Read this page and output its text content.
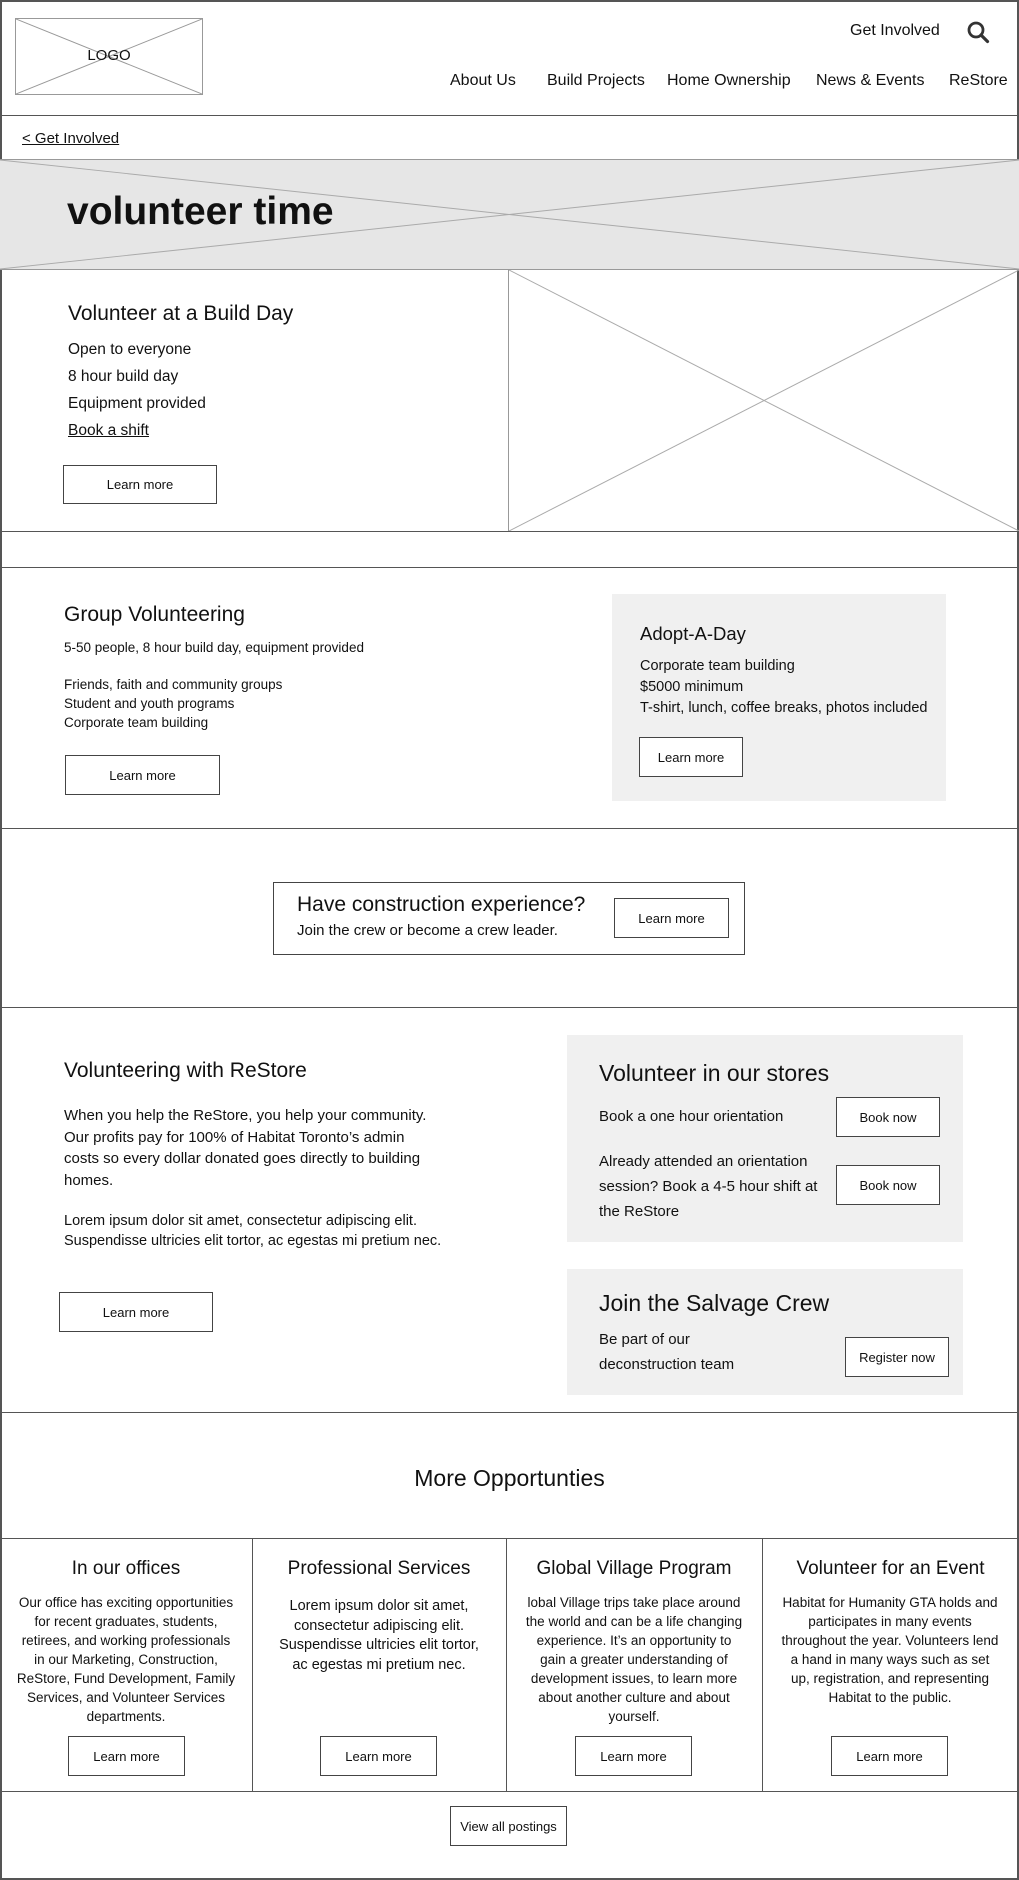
LOGO
Get Involved
About Us Build Projects Home Ownership News & Events ReStore
< Get Involved
volunteer time
Volunteer at a Build Day
Open to everyone
8 hour build day
Equipment provided
Book a shift
Learn more
Group Volunteering
5-50 people, 8 hour build day, equipment provided
Friends, faith and community groups
Student and youth programs
Corporate team building
Learn more
Adopt-A-Day
Corporate team building
$5000 minimum
T-shirt, lunch, coffee breaks, photos included
Learn more
Have construction experience?
Join the crew or become a crew leader.
Learn more
Volunteering with ReStore
When you help the ReStore, you help your community. Our profits pay for 100% of Habitat Toronto’s admin costs so every dollar donated goes directly to building homes.
Lorem ipsum dolor sit amet, consectetur adipiscing elit. Suspendisse ultricies elit tortor, ac egestas mi pretium nec.
Learn more
Volunteer in our stores
Book a one hour orientation	Book now
Already attended an orientation session? Book a 4-5 hour shift at the ReStore
Book now
Join the Salvage Crew
Be part of our deconstruction team	Register now
More Opportunties
In our offices
Our office has exciting opportunities for recent graduates, students, retirees, and working professionals in our Marketing, Construction, ReStore, Fund Development, Family Services, and Volunteer Services departments.
Learn more
Professional Services
Lorem ipsum dolor sit amet, consectetur adipiscing elit. Suspendisse ultricies elit tortor, ac egestas mi pretium nec.
Learn more
Global Village Program
lobal Village trips take place around the world and can be a life changing experience. It’s an opportunity to gain a greater understanding of development issues, to learn more about another culture and about yourself.
Learn more
Volunteer for an Event
Habitat for Humanity GTA holds and participates in many events throughout the year. Volunteers lend a hand in many ways such as set up, registration, and representing Habitat to the public.
Learn more
View all postings
